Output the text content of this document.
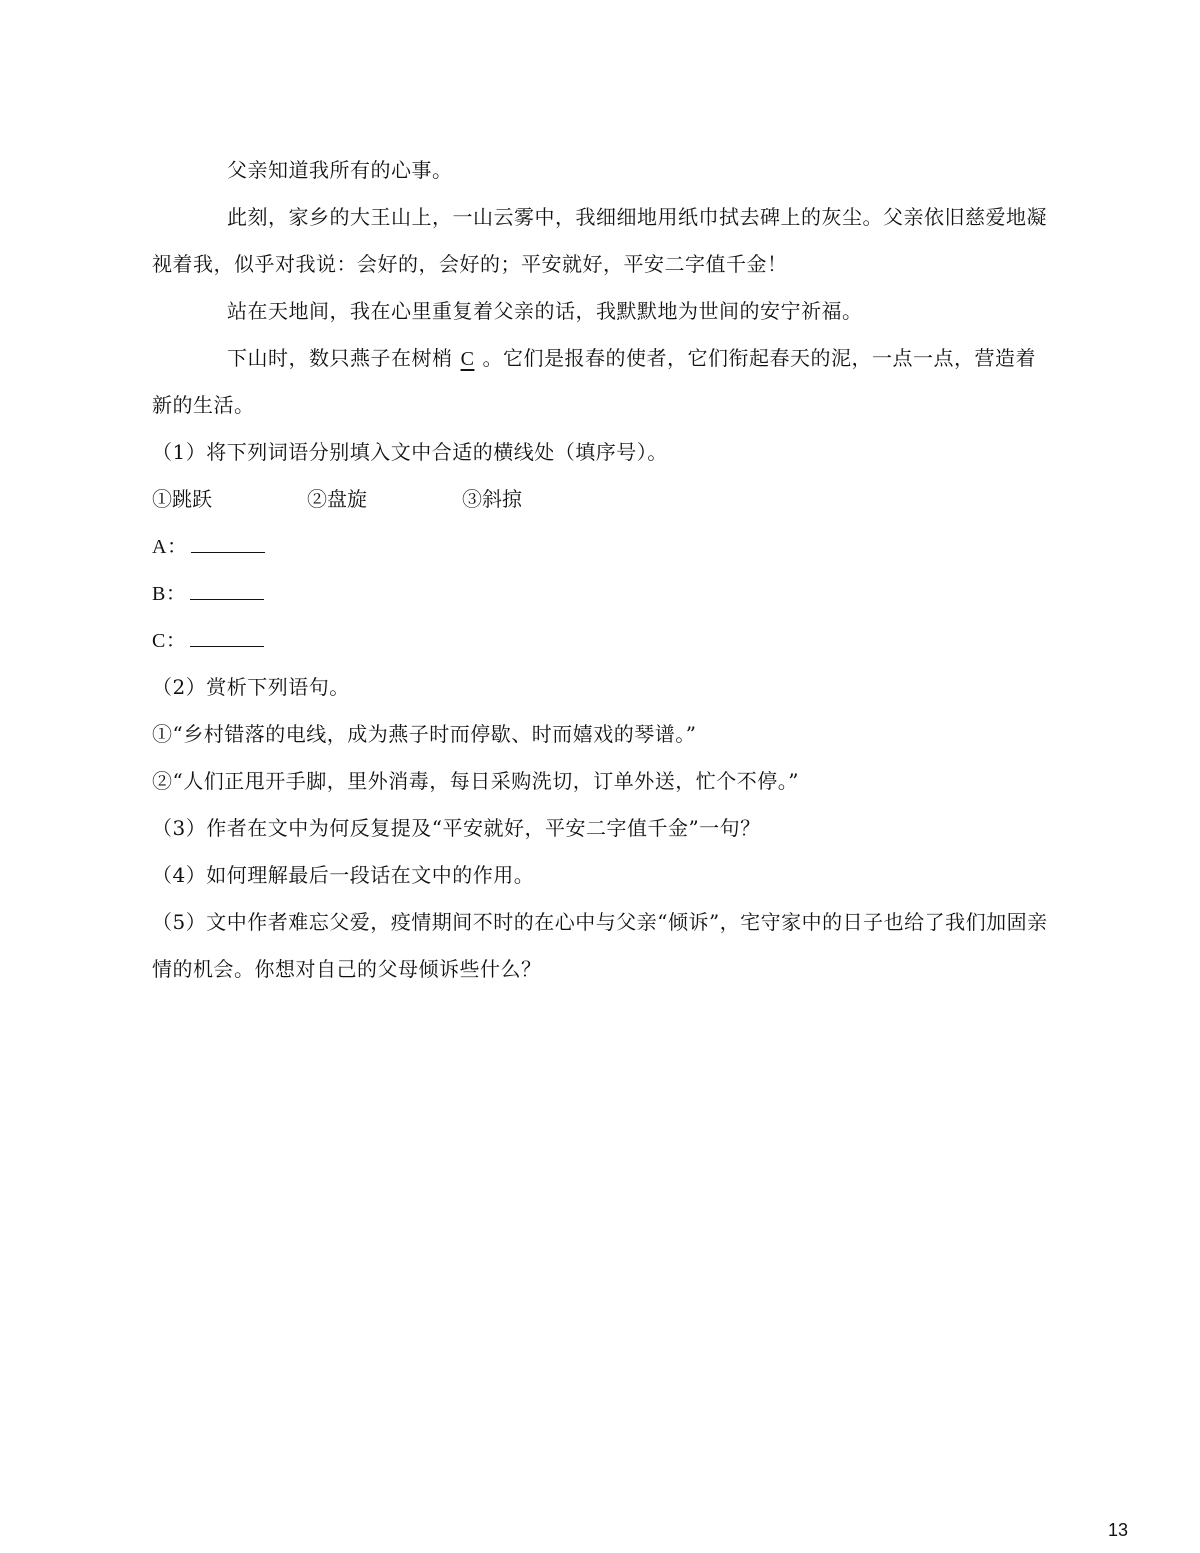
父亲知道我所有的心事。
此刻，家乡的大王山上，一山云雾中，我细细地用纸巾拭去碑上的灰尘。父亲依旧慈爱地凝
视着我，似乎对我说：会好的，会好的；平安就好，平安二字值千金！
站在天地间，我在心里重复着父亲的话，我默默地为世间的安宁祈福。
下山时，数只燕子在树梢 C 。它们是报春的使者，它们衔起春天的泥，一点一点，营造着
新的生活。
（1）将下列词语分别填入文中合适的横线处（填序号）。
①跳跃	②盘旋	③斜掠
A：
B：
C：
（2）赏析下列语句。
①“乡村错落的电线，成为燕子时而停歇、时而嬉戏的琴谱。”
②“人们正甩开手脚，里外消毒，每日采购洗切，订单外送，忙个不停。”
（3）作者在文中为何反复提及“平安就好，平安二字值千金”一句？
（4）如何理解最后一段话在文中的作用。
（5）文中作者难忘父爱，疫情期间不时的在心中与父亲“倾诉”，宅守家中的日子也给了我们加固亲
情的机会。你想对自己的父母倾诉些什么？
13
